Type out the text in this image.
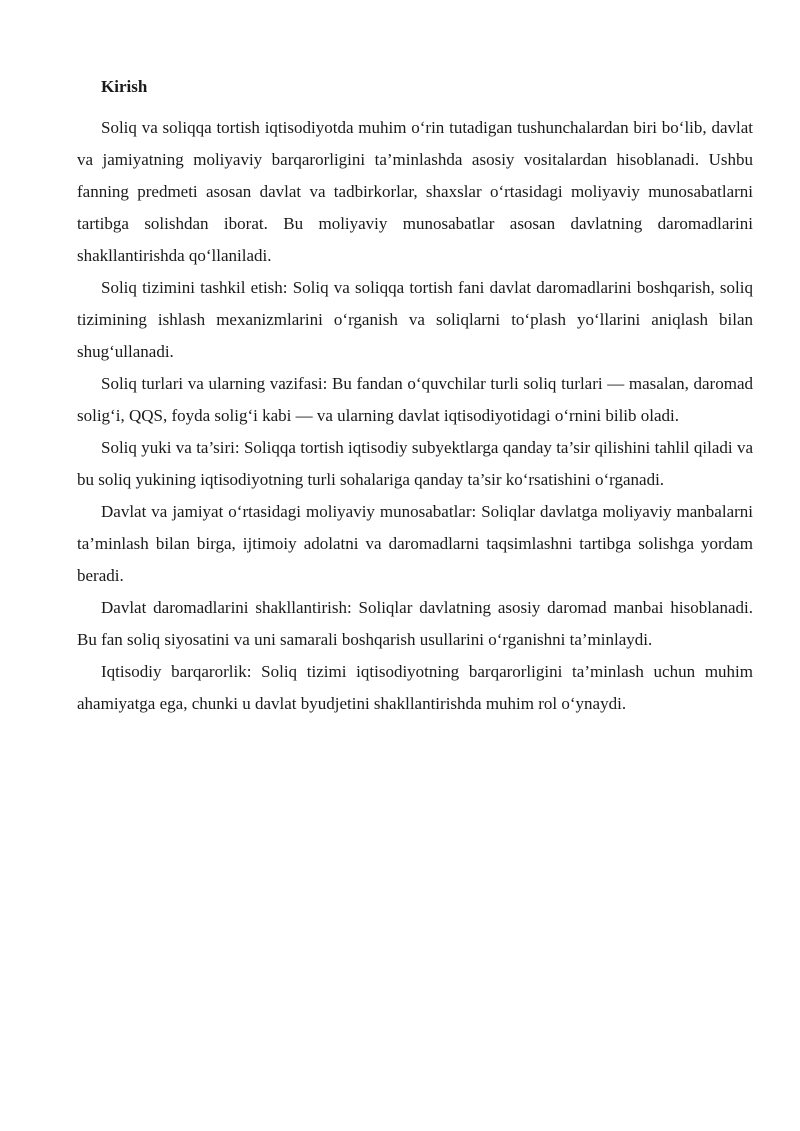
Kirish

Soliq va soliqqa tortish iqtisodiyotda muhim o‘rin tutadigan tushunchalardan biri bo‘lib, davlat va jamiyatning moliyaviy barqarorligini ta’minlashda asosiy vositalardan hisoblanadi. Ushbu fanning predmeti asosan davlat va tadbirkorlar, shaxslar o‘rtasidagi moliyaviy munosabatlarni tartibga solishdan iborat. Bu moliyaviy munosabatlar asosan davlatning daromadlarini shakllantirishda qo‘llaniladi.

Soliq tizimini tashkil etish: Soliq va soliqqa tortish fani davlat daromadlarini boshqarish, soliq tizimining ishlash mexanizmlarini o‘rganish va soliqlarni to‘plash yo‘llarini aniqlash bilan shug‘ullanadi.

Soliq turlari va ularning vazifasi: Bu fandan o‘quvchilar turli soliq turlari — masalan, daromad solig‘i, QQS, foyda solig‘i kabi — va ularning davlat iqtisodiyotidagi o‘rnini bilib oladi.

Soliq yuki va ta’siri: Soliqqa tortish iqtisodiy subyektlarga qanday ta’sir qilishini tahlil qiladi va bu soliq yukining iqtisodiyotning turli sohalariga qanday ta’sir ko‘rsatishini o‘rganadi.

Davlat va jamiyat o‘rtasidagi moliyaviy munosabatlar: Soliqlar davlatga moliyaviy manbalarni ta’minlash bilan birga, ijtimoiy adolatni va daromadlarni taqsimlashni tartibga solishga yordam beradi.

Davlat daromadlarini shakllantirish: Soliqlar davlatning asosiy daromad manbai hisoblanadi. Bu fan soliq siyosatini va uni samarali boshqarish usullarini o‘rganishni ta’minlaydi.

Iqtisodiy barqarorlik: Soliq tizimi iqtisodiyotning barqarorligini ta’minlash uchun muhim ahamiyatga ega, chunki u davlat byudjetini shakllantirishda muhim rol o‘ynaydi.
